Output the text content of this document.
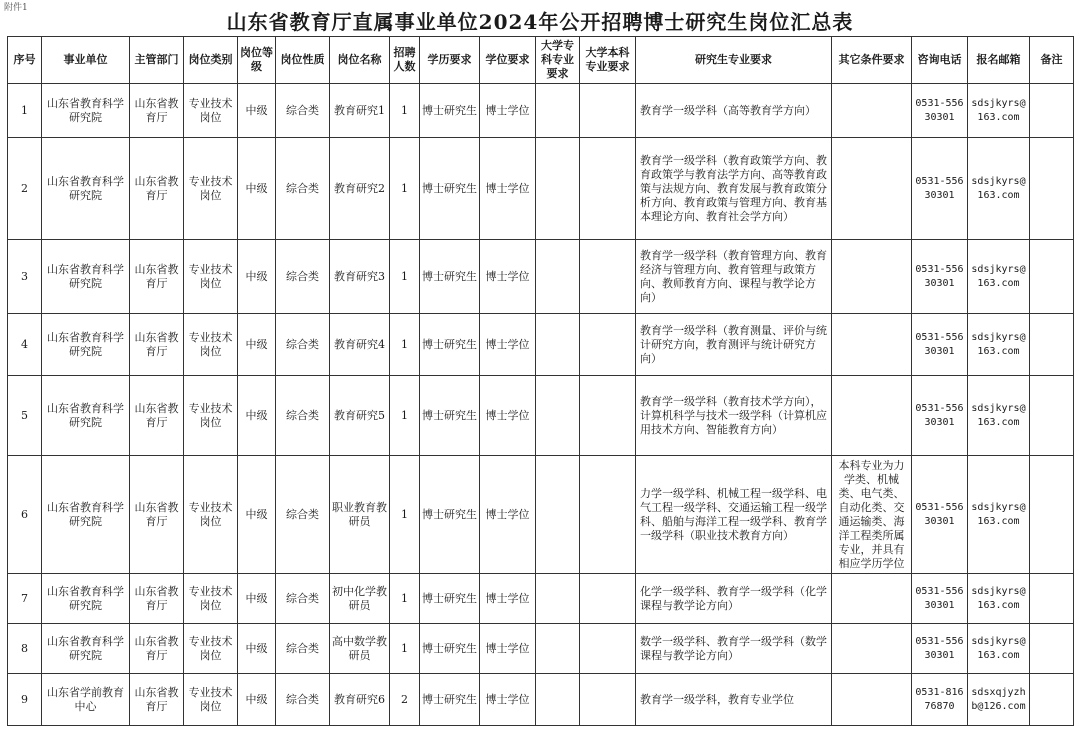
附件1
山东省教育厅直属事业单位2024年公开招聘博士研究生岗位汇总表
序号	事业单位	主管部门	岗位类别	岗位等级	岗位性质	岗位名称	招聘人数	学历要求	学位要求	大学专科专业要求	大学本科专业要求	研究生专业要求	其它条件要求	咨询电话	报名邮箱	备注
1	山东省教育科学研究院	山东省教育厅	专业技术岗位	中级	综合类	教育研究1	1	博士研究生	博士学位			教育学一级学科（高等教育学方向）		0531-55630301	sdsjkyrs@163.com	
2	山东省教育科学研究院	山东省教育厅	专业技术岗位	中级	综合类	教育研究2	1	博士研究生	博士学位			教育学一级学科（教育政策学方向、教育政策学与教育法学方向、高等教育政策与法规方向、教育发展与教育政策分析方向、教育政策与管理方向、教育基本理论方向、教育社会学方向）		0531-55630301	sdsjkyrs@163.com	
3	山东省教育科学研究院	山东省教育厅	专业技术岗位	中级	综合类	教育研究3	1	博士研究生	博士学位			教育学一级学科（教育管理方向、教育经济与管理方向、教育管理与政策方向、教师教育方向、课程与教学论方向）		0531-55630301	sdsjkyrs@163.com	
4	山东省教育科学研究院	山东省教育厅	专业技术岗位	中级	综合类	教育研究4	1	博士研究生	博士学位			教育学一级学科（教育测量、评价与统计研究方向，教育测评与统计研究方向）		0531-55630301	sdsjkyrs@163.com	
5	山东省教育科学研究院	山东省教育厅	专业技术岗位	中级	综合类	教育研究5	1	博士研究生	博士学位			教育学一级学科（教育技术学方向），计算机科学与技术一级学科（计算机应用技术方向、智能教育方向）		0531-55630301	sdsjkyrs@163.com	
6	山东省教育科学研究院	山东省教育厅	专业技术岗位	中级	综合类	职业教育教研员	1	博士研究生	博士学位			力学一级学科、机械工程一级学科、电气工程一级学科、交通运输工程一级学科、船舶与海洋工程一级学科、教育学一级学科（职业技术教育方向）	本科专业为力学类、机械类、电气类、自动化类、交通运输类、海洋工程类所属专业，并具有相应学历学位	0531-55630301	sdsjkyrs@163.com	
7	山东省教育科学研究院	山东省教育厅	专业技术岗位	中级	综合类	初中化学教研员	1	博士研究生	博士学位			化学一级学科、教育学一级学科（化学课程与教学论方向）		0531-55630301	sdsjkyrs@163.com	
8	山东省教育科学研究院	山东省教育厅	专业技术岗位	中级	综合类	高中数学教研员	1	博士研究生	博士学位			数学一级学科、教育学一级学科（数学课程与教学论方向）		0531-55630301	sdsjkyrs@163.com	
9	山东省学前教育中心	山东省教育厅	专业技术岗位	中级	综合类	教育研究6	2	博士研究生	博士学位			教育学一级学科，教育专业学位		0531-81676870	sdsxqjyzhb@126.com	
